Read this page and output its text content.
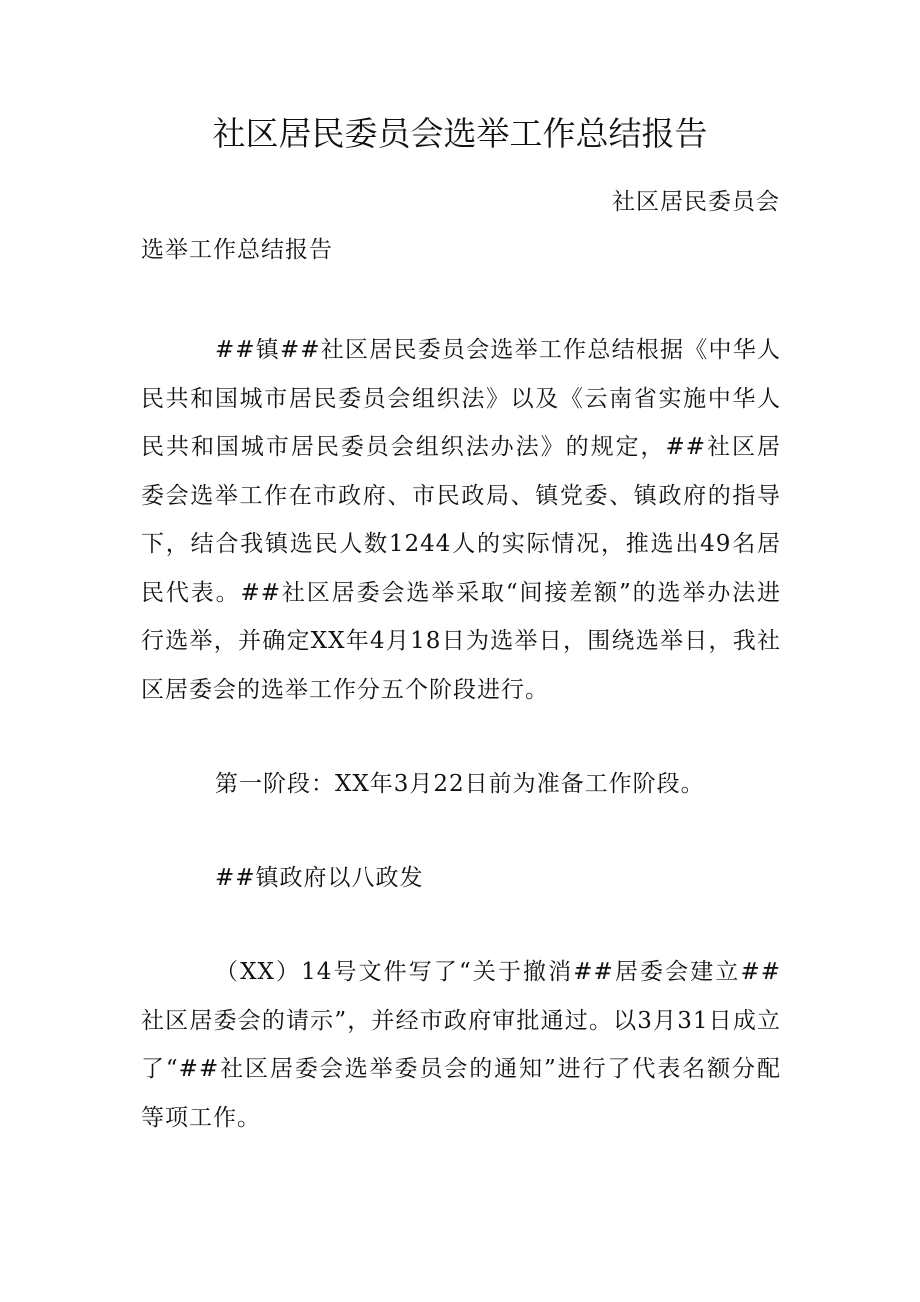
社区居民委员会选举工作总结报告
社区居民委员会
选举工作总结报告

##镇##社区居民委员会选举工作总结根据《中华人民共和国城市居民委员会组织法》以及《云南省实施中华人民共和国城市居民委员会组织法办法》的规定，##社区居委会选举工作在市政府、市民政局、镇党委、镇政府的指导下，结合我镇选民人数1244人的实际情况，推选出49名居民代表。##社区居委会选举采取“间接差额”的选举办法进行选举，并确定XX年4月18日为选举日，围绕选举日，我社区居委会的选举工作分五个阶段进行。

第一阶段：XX年3月22日前为准备工作阶段。

##镇政府以八政发

（XX）14号文件写了“关于撤消##居委会建立##社区居委会的请示”，并经市政府审批通过。以3月31日成立了“##社区居委会选举委员会的通知”进行了代表名额分配等项工作。
